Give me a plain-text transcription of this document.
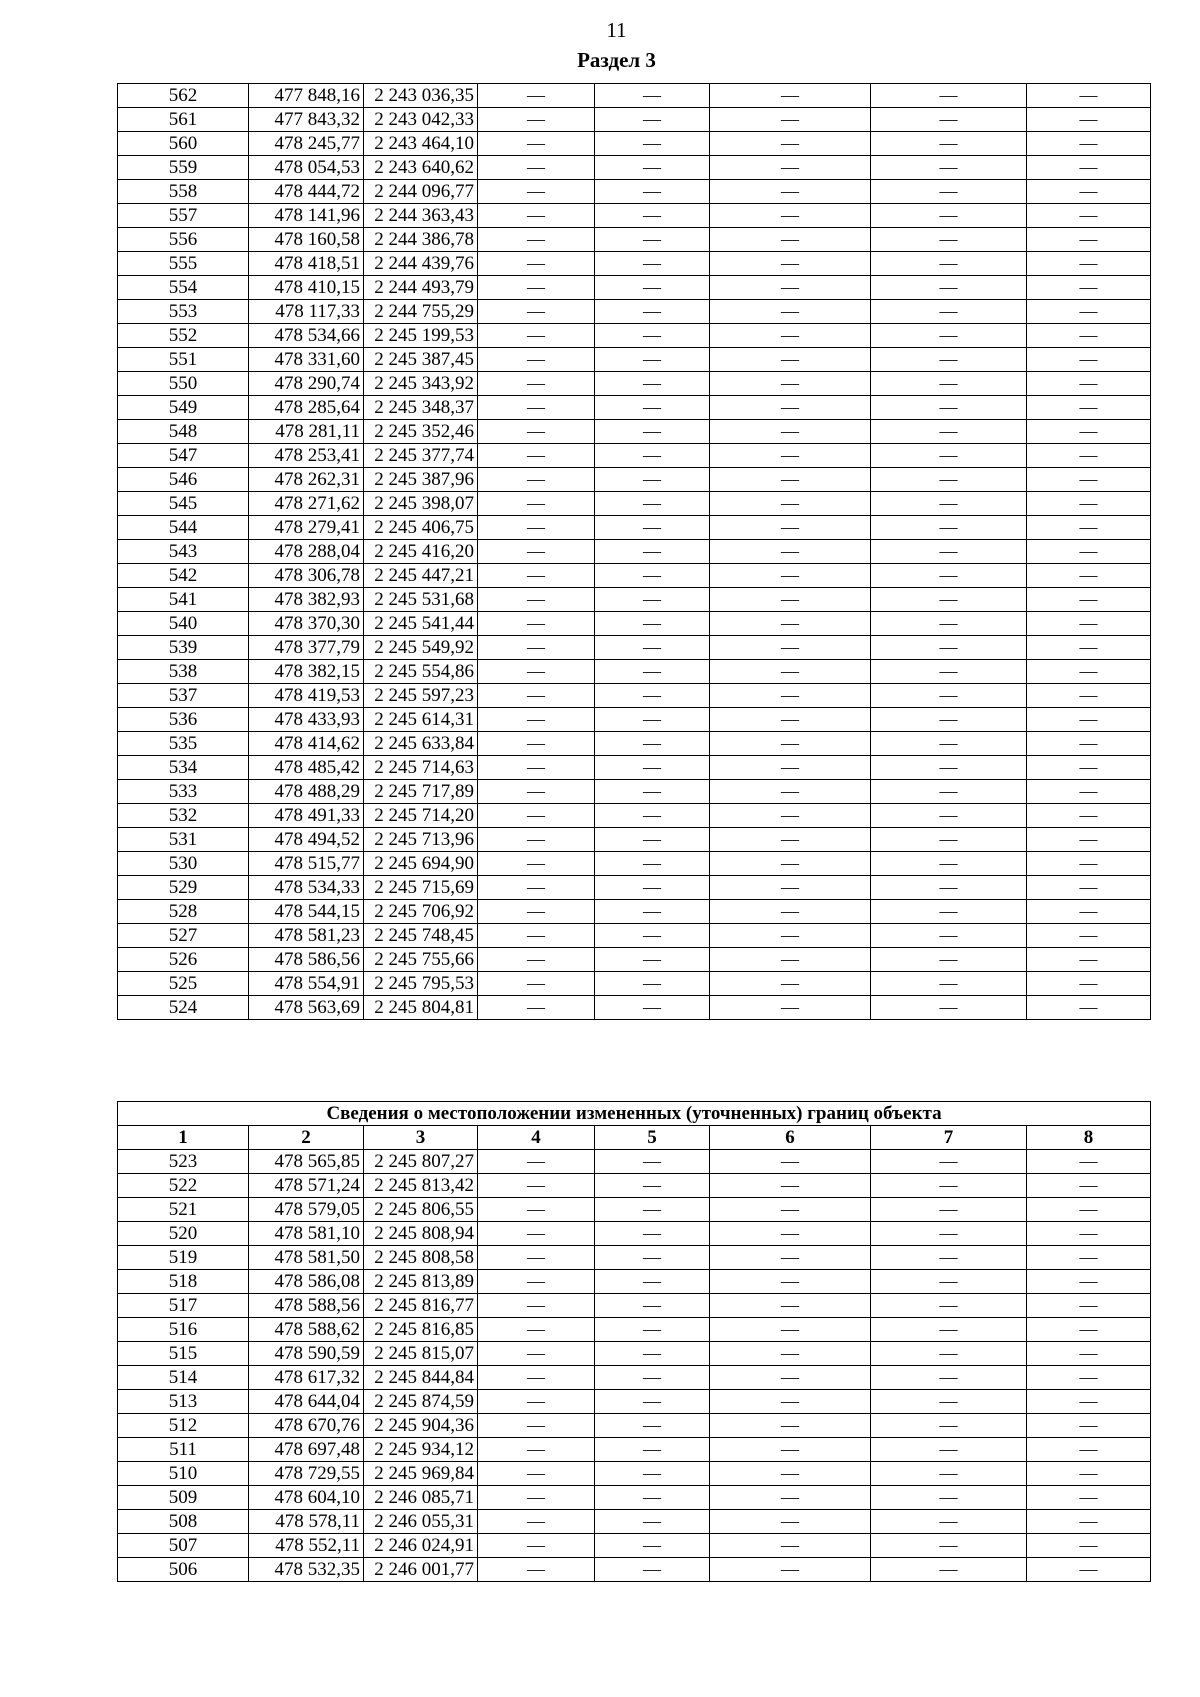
11
Раздел 3
562	477 848,16	2 243 036,35	—	—	—	—	—
561	477 843,32	2 243 042,33	—	—	—	—	—
560	478 245,77	2 243 464,10	—	—	—	—	—
559	478 054,53	2 243 640,62	—	—	—	—	—
558	478 444,72	2 244 096,77	—	—	—	—	—
557	478 141,96	2 244 363,43	—	—	—	—	—
556	478 160,58	2 244 386,78	—	—	—	—	—
555	478 418,51	2 244 439,76	—	—	—	—	—
554	478 410,15	2 244 493,79	—	—	—	—	—
553	478 117,33	2 244 755,29	—	—	—	—	—
552	478 534,66	2 245 199,53	—	—	—	—	—
551	478 331,60	2 245 387,45	—	—	—	—	—
550	478 290,74	2 245 343,92	—	—	—	—	—
549	478 285,64	2 245 348,37	—	—	—	—	—
548	478 281,11	2 245 352,46	—	—	—	—	—
547	478 253,41	2 245 377,74	—	—	—	—	—
546	478 262,31	2 245 387,96	—	—	—	—	—
545	478 271,62	2 245 398,07	—	—	—	—	—
544	478 279,41	2 245 406,75	—	—	—	—	—
543	478 288,04	2 245 416,20	—	—	—	—	—
542	478 306,78	2 245 447,21	—	—	—	—	—
541	478 382,93	2 245 531,68	—	—	—	—	—
540	478 370,30	2 245 541,44	—	—	—	—	—
539	478 377,79	2 245 549,92	—	—	—	—	—
538	478 382,15	2 245 554,86	—	—	—	—	—
537	478 419,53	2 245 597,23	—	—	—	—	—
536	478 433,93	2 245 614,31	—	—	—	—	—
535	478 414,62	2 245 633,84	—	—	—	—	—
534	478 485,42	2 245 714,63	—	—	—	—	—
533	478 488,29	2 245 717,89	—	—	—	—	—
532	478 491,33	2 245 714,20	—	—	—	—	—
531	478 494,52	2 245 713,96	—	—	—	—	—
530	478 515,77	2 245 694,90	—	—	—	—	—
529	478 534,33	2 245 715,69	—	—	—	—	—
528	478 544,15	2 245 706,92	—	—	—	—	—
527	478 581,23	2 245 748,45	—	—	—	—	—
526	478 586,56	2 245 755,66	—	—	—	—	—
525	478 554,91	2 245 795,53	—	—	—	—	—
524	478 563,69	2 245 804,81	—	—	—	—	—
Сведения о местоположении измененных (уточненных) границ объекта							
1	2	3	4	5	6	7	8
523	478 565,85	2 245 807,27	—	—	—	—	—
522	478 571,24	2 245 813,42	—	—	—	—	—
521	478 579,05	2 245 806,55	—	—	—	—	—
520	478 581,10	2 245 808,94	—	—	—	—	—
519	478 581,50	2 245 808,58	—	—	—	—	—
518	478 586,08	2 245 813,89	—	—	—	—	—
517	478 588,56	2 245 816,77	—	—	—	—	—
516	478 588,62	2 245 816,85	—	—	—	—	—
515	478 590,59	2 245 815,07	—	—	—	—	—
514	478 617,32	2 245 844,84	—	—	—	—	—
513	478 644,04	2 245 874,59	—	—	—	—	—
512	478 670,76	2 245 904,36	—	—	—	—	—
511	478 697,48	2 245 934,12	—	—	—	—	—
510	478 729,55	2 245 969,84	—	—	—	—	—
509	478 604,10	2 246 085,71	—	—	—	—	—
508	478 578,11	2 246 055,31	—	—	—	—	—
507	478 552,11	2 246 024,91	—	—	—	—	—
506	478 532,35	2 246 001,77	—	—	—	—	—
